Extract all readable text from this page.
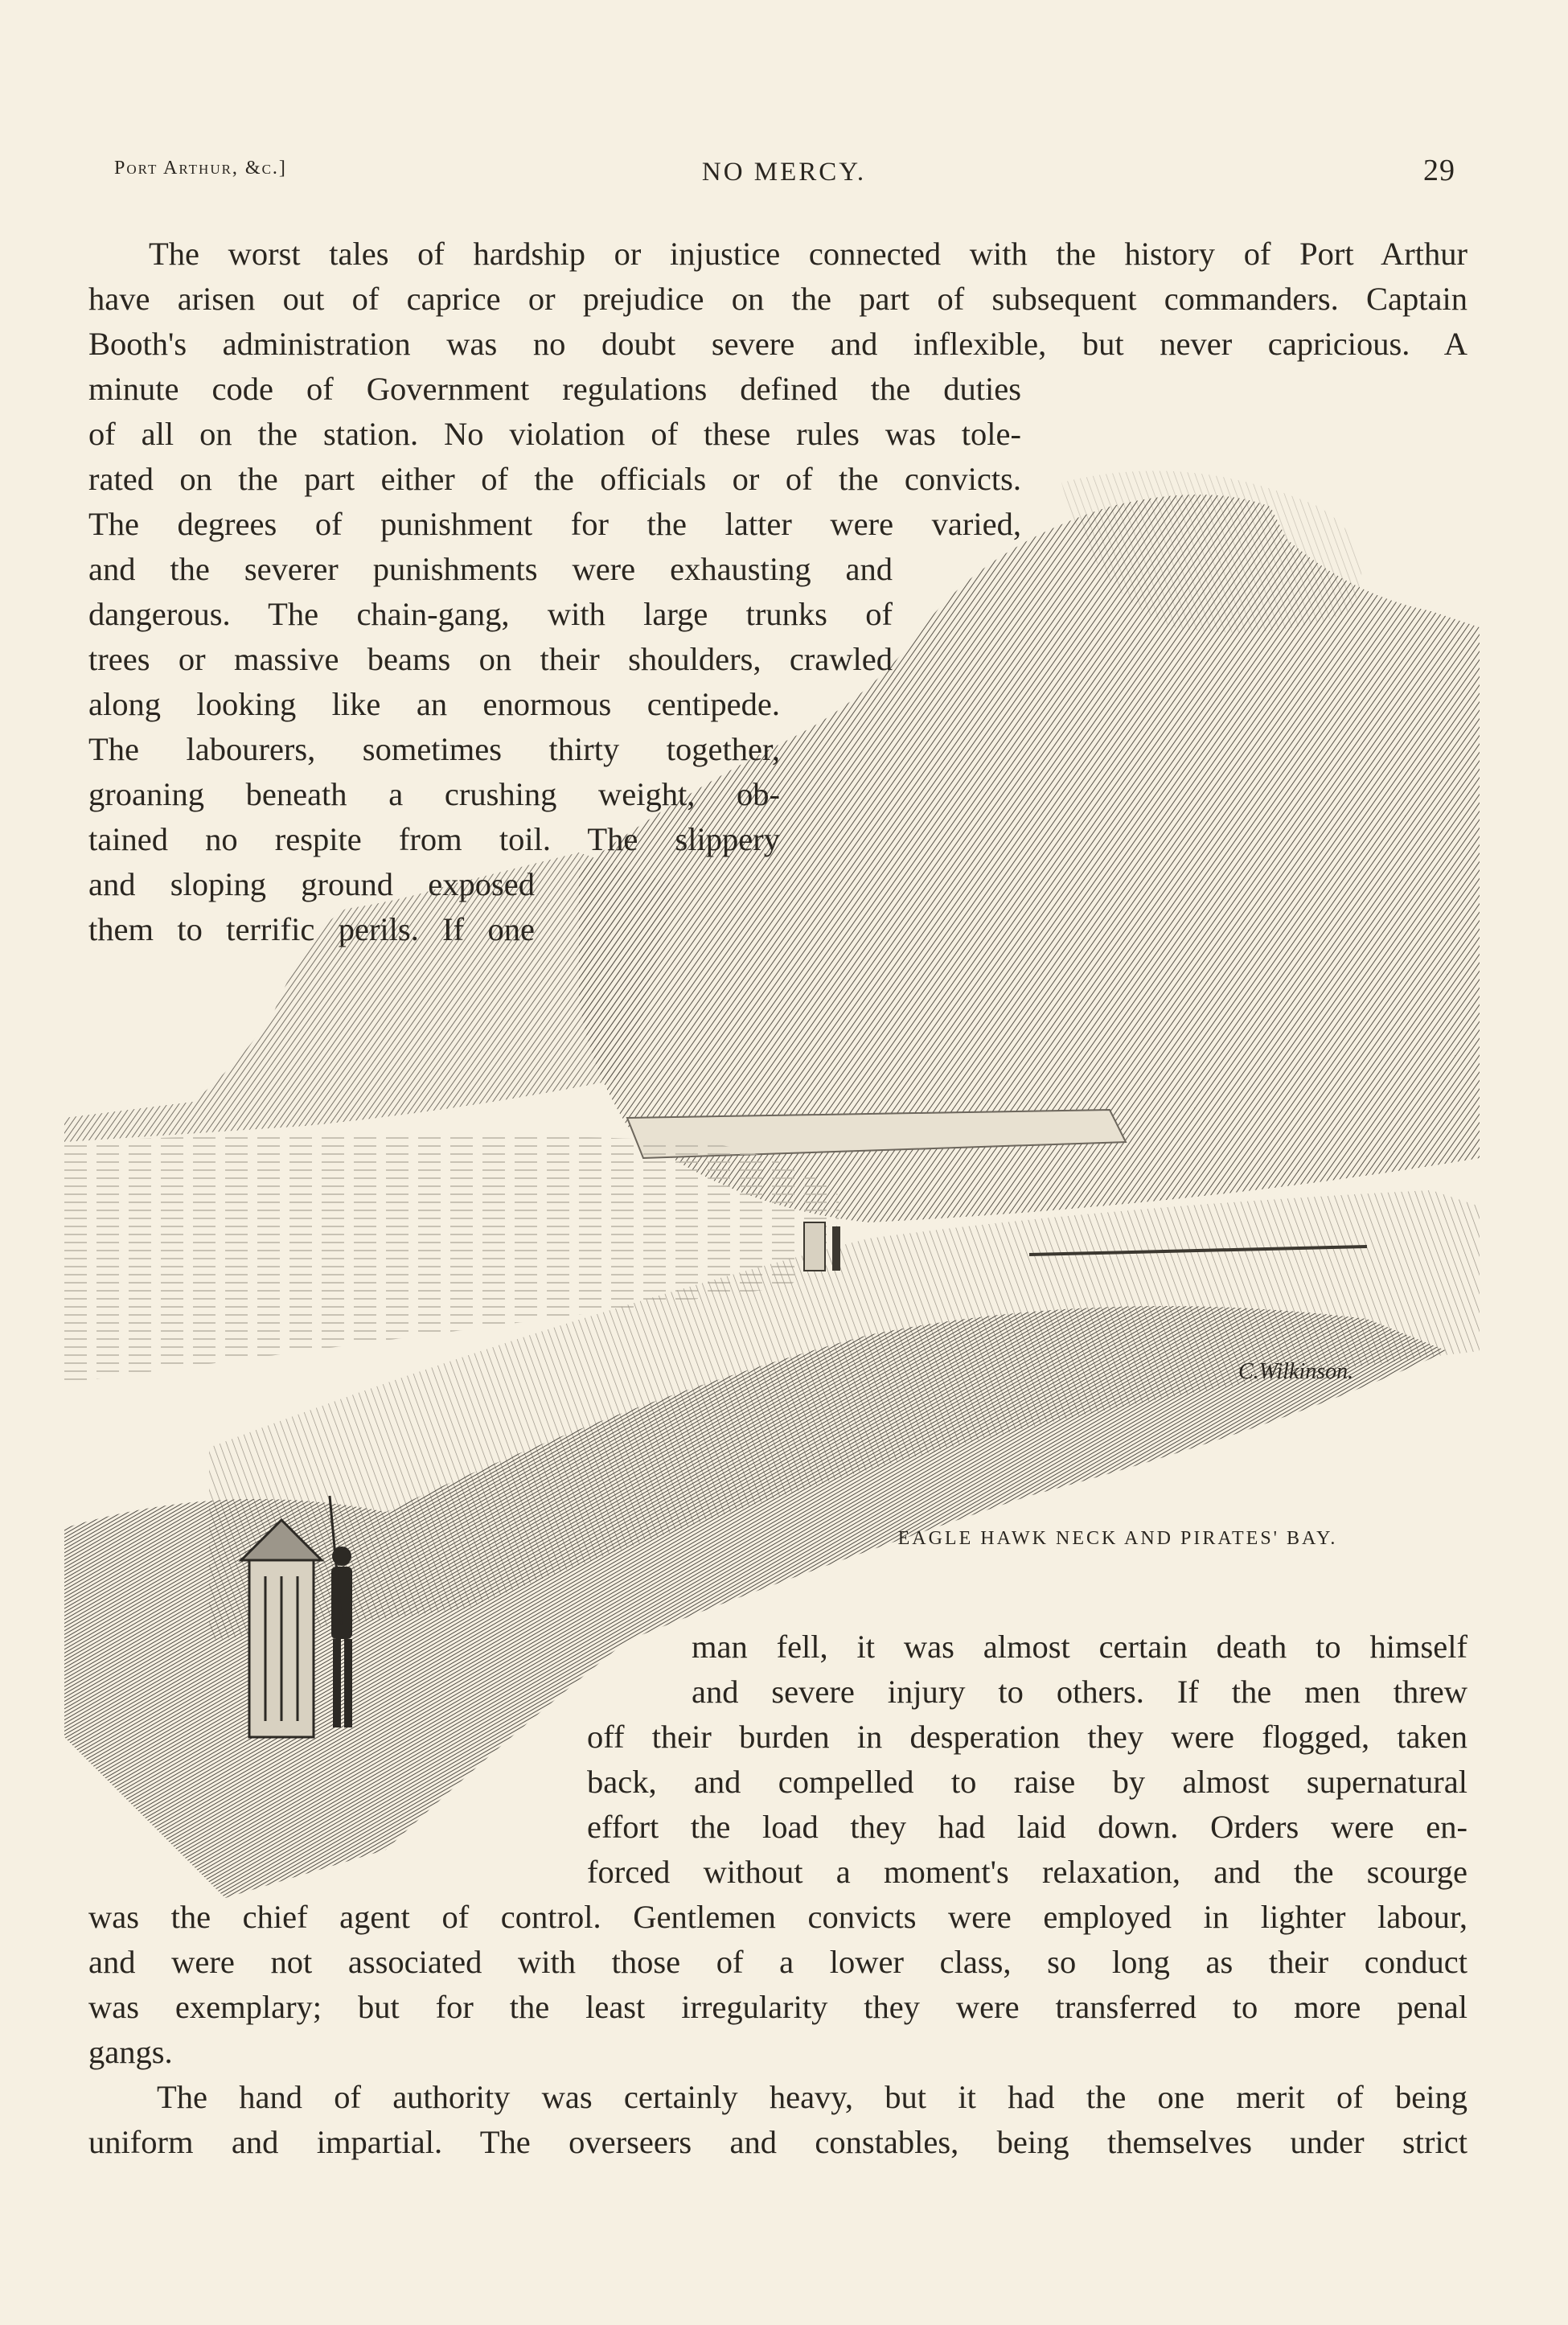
Port Arthur, &c.]	NO MERCY.	29
C.Wilkinson.
EAGLE HAWK NECK AND PIRATES' BAY.
The worst tales of hardship or injustice connected with the history of Port Arthur
have arisen out of caprice or prejudice on the part of subsequent commanders. Captain
Booth's administration was no doubt severe and inflexible, but never capricious. A
minute code of Government regulations defined the duties
of all on the station. No violation of these rules was tole-
rated on the part either of the officials or of the convicts.
The degrees of punishment for the latter were varied,
and the severer punishments were exhausting and
dangerous. The chain-gang, with large trunks of
trees or massive beams on their shoulders, crawled
along looking like an enormous centipede.
The labourers, sometimes thirty together,
groaning beneath a crushing weight, ob-
tained no respite from toil. The slippery
and sloping ground exposed
them to terrific perils. If one
man fell, it was almost certain death to himself
and severe injury to others. If the men threw
off their burden in desperation they were flogged, taken
back, and compelled to raise by almost supernatural
effort the load they had laid down. Orders were en-
forced without a moment's relaxation, and the scourge
was the chief agent of control. Gentlemen convicts were employed in lighter labour,
and were not associated with those of a lower class, so long as their conduct
was exemplary; but for the least irregularity they were transferred to more penal
gangs.
The hand of authority was certainly heavy, but it had the one merit of being
uniform and impartial. The overseers and constables, being themselves under strict
